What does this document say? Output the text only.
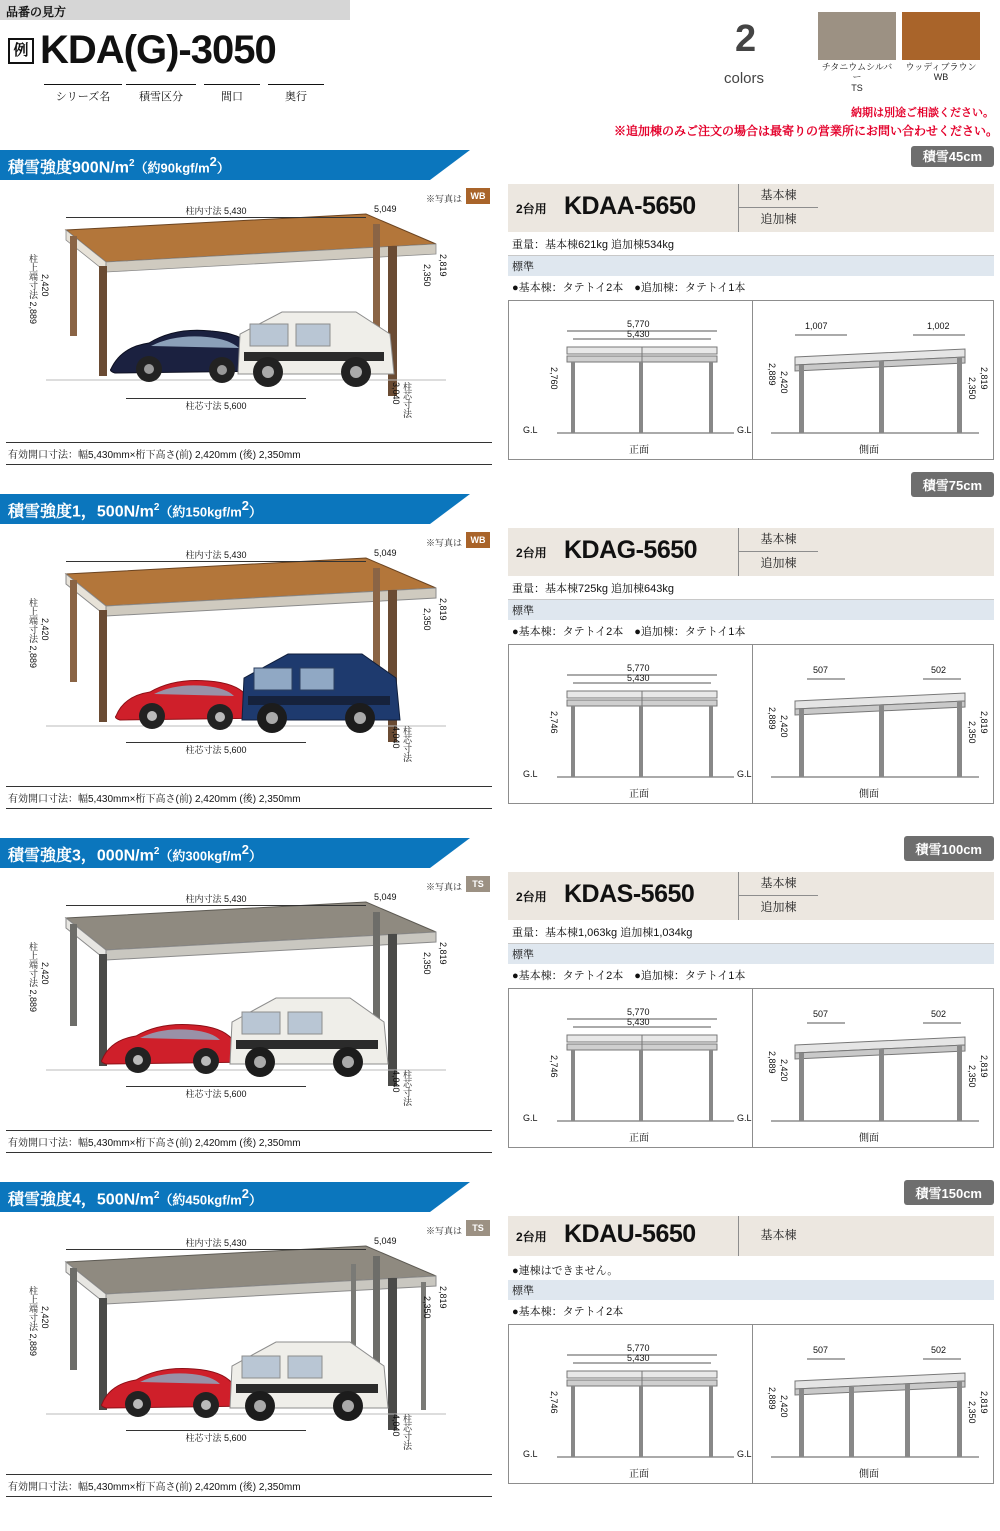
品番の見方
例 KDA(G)-3050
シリーズ名	積雪区分	間口	奥行
2
colors
チタニウムシルバー
TS
ウッディブラウン
WB
納期は別途ご相談ください。
※追加棟のみご注文の場合は最寄りの営業所にお問い合わせください。
積雪強度$900N/m^2$（約$90kgf/m^2$）
※写真は WB
柱内寸法 5,430	5,049
柱上端寸法 2,889 2,420	2,350 2,819
柱芯寸法 5,600	柱芯寸法 3,040
有効開口寸法：幅5,430mm×桁下高さ(前) 2,420mm (後) 2,350mm
2台用 KDAA-5650	基本棟
追加棟
重量：基本棟621kg 追加棟534kg
標準
●基本棟：タテトイ2本　●追加棟：タテトイ1本
5,770
5,430
2,760
G.L
正面
1,007	1,002
2,889 2,420	2,350 2,819
G.L
側面
積雪75cm
積雪45cm
積雪強度1，$500N/m^2$（約$150kgf/m^2$）
※写真は WB
柱内寸法 5,430	5,049
柱上端寸法 2,889 2,420	2,350 2,819
柱芯寸法 5,600	柱芯寸法 4,040
有効開口寸法：幅5,430mm×桁下高さ(前) 2,420mm (後) 2,350mm
2台用 KDAG-5650	基本棟
追加棟
重量：基本棟725kg 追加棟643kg
標準
●基本棟：タテトイ2本　●追加棟：タテトイ1本
5,770
5,430
2,746
G.L
正面
507	502
2,889 2,420	2,350 2,819
G.L
側面
積雪100cm
積雪強度3，$000N/m^2$（約$300kgf/m^2$）
※写真は	TS
柱内寸法 5,430	5,049
柱上端寸法 2,889 2,420	2,350 2,819
柱芯寸法 5,600	柱芯寸法 4,040
有効開口寸法：幅5,430mm×桁下高さ(前) 2,420mm (後) 2,350mm
2台用 KDAS-5650	基本棟
追加棟
重量：基本棟1,063kg 追加棟1,034kg
標準
●基本棟：タテトイ2本　●追加棟：タテトイ1本
5,770
5,430
2,746
G.L
正面
507	502
2,889 2,420	2,350 2,819
G.L
側面
積雪150cm
積雪強度4，$500N/m^2$（約$450kgf/m^2$）
※写真は	TS
柱内寸法 5,430	5,049
柱上端寸法 2,889 2,420	2,350 2,819
柱芯寸法 5,600	柱芯寸法 4,040
有効開口寸法：幅5,430mm×桁下高さ(前) 2,420mm (後) 2,350mm
2台用 KDAU-5650	基本棟
●連棟はできません。
標準
●基本棟：タテトイ2本
5,770
5,430
2,746
G.L
正面
507	502
2,889 2,420	2,350 2,819
G.L
側面
